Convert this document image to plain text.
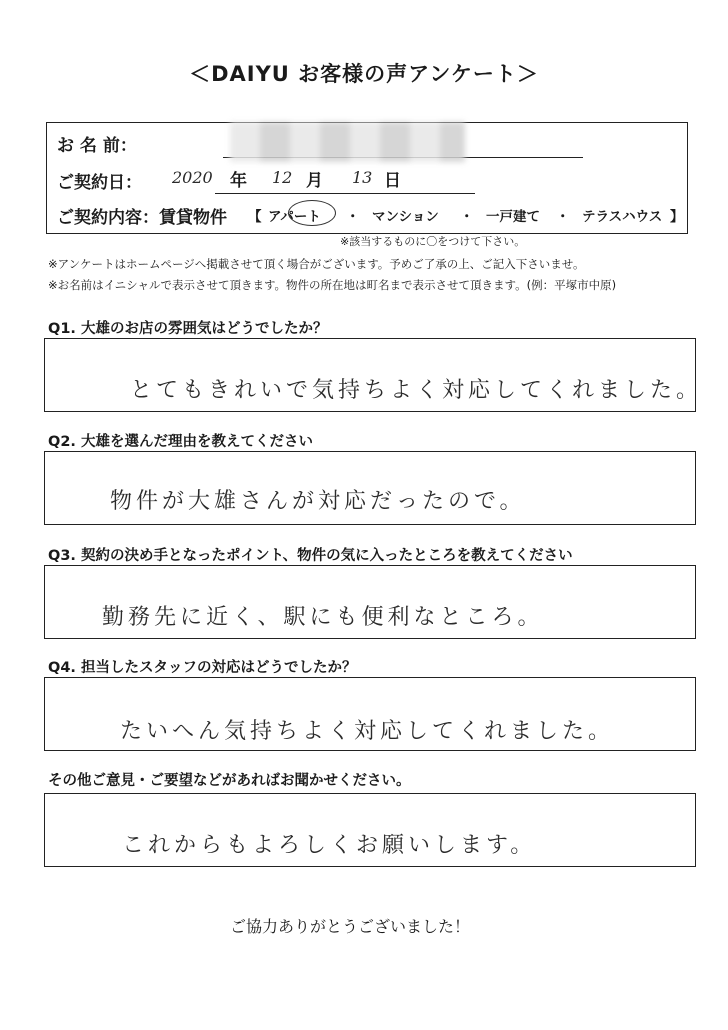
＜DAIYU お客様の声アンケート＞
お 名 前：
ご契約日：
ご契約内容：賃貸物件
2020 年 12 月 13 日
【 アパート ・ マンション ・ 一戸建て ・ テラスハウス 】
※該当するものに〇をつけて下さい。
※アンケートはホームページへ掲載させて頂く場合がございます。予めご了承の上、ご記入下さいませ。
※お名前はイニシャルで表示させて頂きます。物件の所在地は町名まで表示させて頂きます。(例：平塚市中原)
Q1. 大雄のお店の雰囲気はどうでしたか？
とてもきれいで気持ちよく対応してくれました。
Q2. 大雄を選んだ理由を教えてください
物件が大雄さんが対応だったので。
Q3. 契約の決め手となったポイント、物件の気に入ったところを教えてください
勤務先に近く、駅にも便利なところ。
Q4. 担当したスタッフの対応はどうでしたか？
たいへん気持ちよく対応してくれました。
その他ご意見・ご要望などがあればお聞かせください。
これからもよろしくお願いします。
ご協力ありがとうございました！
